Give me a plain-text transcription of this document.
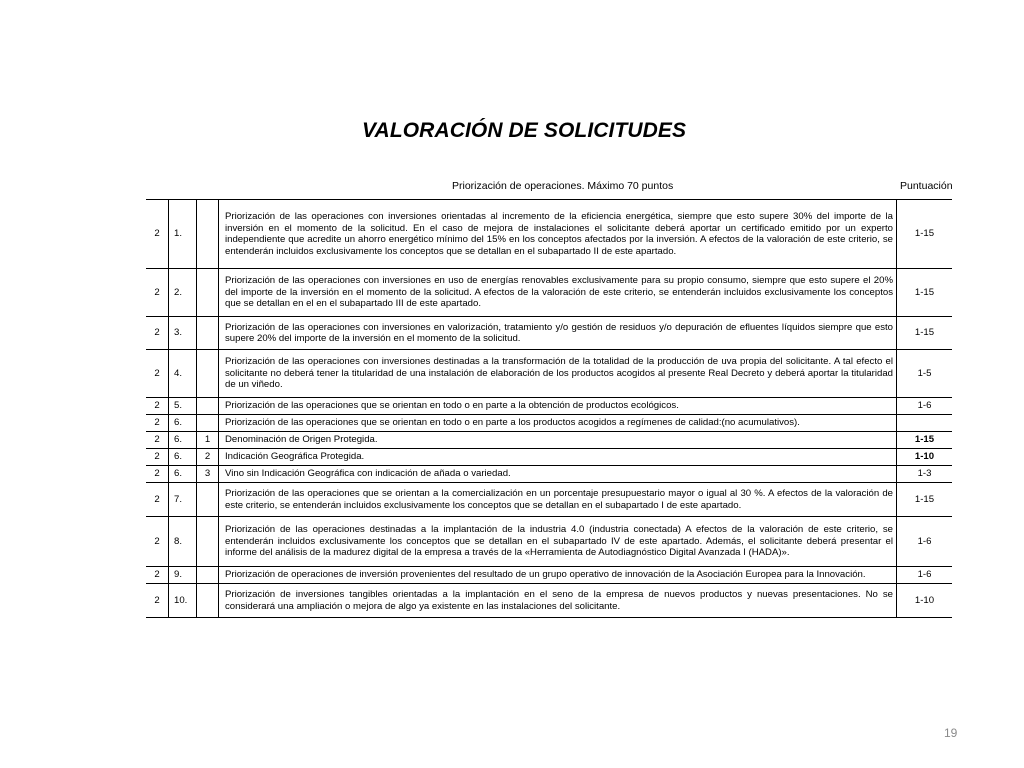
VALORACIÓN DE SOLICITUDES
Priorización de operaciones. Máximo 70 puntos	Puntuación
2	1.		Priorización de las operaciones con inversiones orientadas al incremento de la eficiencia energética, siempre que esto supere 30% del importe de la inversión en el momento de la solicitud. En el caso de mejora de instalaciones el solicitante deberá aportar un certificado emitido por un experto independiente que acredite un ahorro energético mínimo del 15% en los conceptos afectados por la inversión. A efectos de la valoración de este criterio, se entenderán incluidos exclusivamente los conceptos que se detallan en el subapartado II de este apartado.	1-15
2	2.		Priorización de las operaciones con inversiones en uso de energías renovables exclusivamente para su propio consumo, siempre que esto supere el 20% del importe de la inversión en el momento de la solicitud. A efectos de la valoración de este criterio, se entenderán incluidos exclusivamente los conceptos que se detallan en el en el subapartado III de este apartado.	1-15
2	3.		Priorización de las operaciones con inversiones en valorización, tratamiento y/o gestión de residuos y/o depuración de efluentes líquidos siempre que esto supere 20% del importe de la inversión en el momento de la solicitud.	1-15
2	4.		Priorización de las operaciones con inversiones destinadas a la transformación de la totalidad de la producción de uva propia del solicitante. A tal efecto el solicitante no deberá tener la titularidad de una instalación de elaboración de los productos acogidos al presente Real Decreto y deberá aportar la titularidad de un viñedo.	1-5
2	5.		Priorización de las operaciones que se orientan en todo o en parte a la obtención de productos ecológicos.	1-6
2	6.		Priorización de las operaciones que se orientan en todo o en parte a los productos acogidos a regímenes de calidad:(no acumulativos).	
2	6.	1	Denominación de Origen Protegida.	1-15
2	6.	2	Indicación Geográfica Protegida.	1-10
2	6.	3	Vino sin Indicación Geográfica con indicación de añada o variedad.	1-3
2	7.		Priorización de las operaciones que se orientan a la comercialización en un porcentaje presupuestario mayor o igual al 30 %. A efectos de la valoración de este criterio, se entenderán incluidos exclusivamente los conceptos que se detallan en el subapartado I de este apartado.	1-15
2	8.		Priorización de las operaciones destinadas a la implantación de la industria 4.0 (industria conectada) A efectos de la valoración de este criterio, se entenderán incluidos exclusivamente los conceptos que se detallan en el subapartado IV de este apartado. Además, el solicitante deberá presentar el informe del análisis de la madurez digital de la empresa a través de la «Herramienta de Autodiagnóstico Digital Avanzada I (HADA)».	1-6
2	9.		Priorización de operaciones de inversión provenientes del resultado de un grupo operativo de innovación de la Asociación Europea para la Innovación.	1-6
2	10.		Priorización de inversiones tangibles orientadas a la implantación en el seno de la empresa de nuevos productos y nuevas presentaciones. No se considerará una ampliación o mejora de algo ya existente en las instalaciones del solicitante.	1-10
19
